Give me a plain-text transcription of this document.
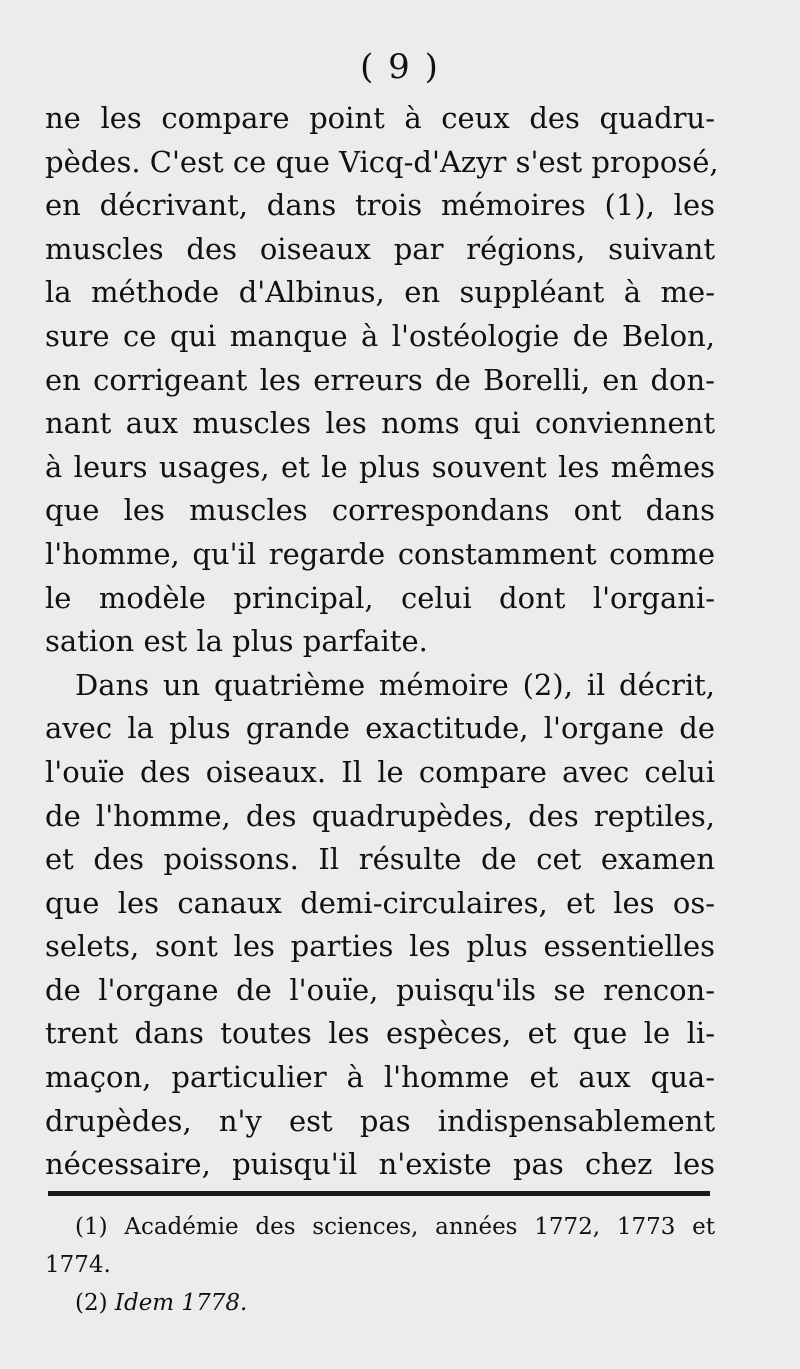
( 9 )
ne les compare point à ceux des quadru-
pèdes. C'est ce que Vicq-d'Azyr s'est proposé,
en décrivant, dans trois mémoires (1), les
muscles des oiseaux par régions, suivant
la méthode d'Albinus, en suppléant à me-
sure ce qui manque à l'ostéologie de Belon,
en corrigeant les erreurs de Borelli, en don-
nant aux muscles les noms qui conviennent
à leurs usages, et le plus souvent les mêmes
que les muscles correspondans ont dans
l'homme, qu'il regarde constamment comme
le modèle principal, celui dont l'organi-
sation est la plus parfaite.
Dans un quatrième mémoire (2), il décrit,
avec la plus grande exactitude, l'organe de
l'ouïe des oiseaux. Il le compare avec celui
de l'homme, des quadrupèdes, des reptiles,
et des poissons. Il résulte de cet examen
que les canaux demi-circulaires, et les os-
selets, sont les parties les plus essentielles
de l'organe de l'ouïe, puisqu'ils se rencon-
trent dans toutes les espèces, et que le li-
maçon, particulier à l'homme et aux qua-
drupèdes, n'y est pas indispensablement
nécessaire, puisqu'il n'existe pas chez les
(1) Académie des sciences, années 1772, 1773 et
1774.
(2) Idem 1778.
